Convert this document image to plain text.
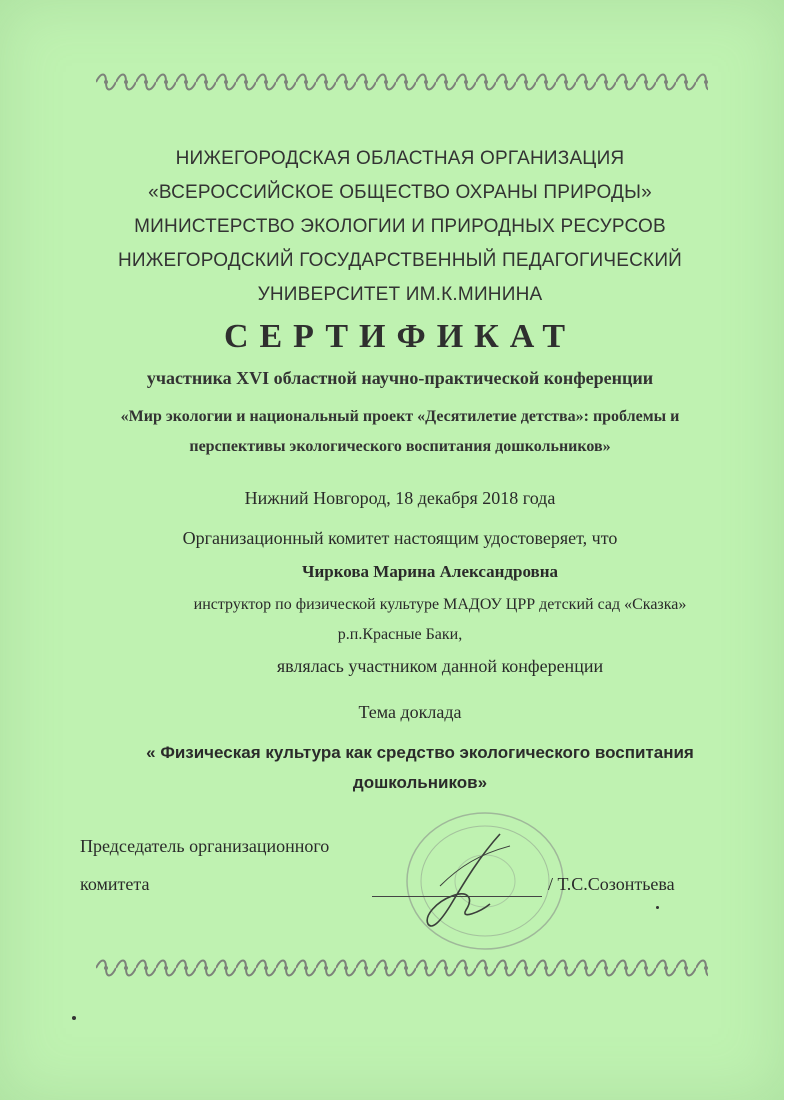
НИЖЕГОРОДСКАЯ ОБЛАСТНАЯ ОРГАНИЗАЦИЯ
«ВСЕРОССИЙСКОЕ ОБЩЕСТВО ОХРАНЫ ПРИРОДЫ»
МИНИСТЕРСТВО ЭКОЛОГИИ И ПРИРОДНЫХ РЕСУРСОВ
НИЖЕГОРОДСКИЙ ГОСУДАРСТВЕННЫЙ ПЕДАГОГИЧЕСКИЙ
УНИВЕРСИТЕТ ИМ.К.МИНИНА
СЕРТИФИКАТ
участника XVI областной научно-практической конференции
«Мир экологии и национальный проект «Десятилетие детства»: проблемы и
перспективы экологического воспитания дошкольников»
Нижний Новгород, 18 декабря 2018 года
Организационный комитет настоящим удостоверяет, что
Чиркова Марина Александровна
инструктор по физической культуре МАДОУ ЦРР детский сад «Сказка»
р.п.Красные Баки,
являлась участником данной конференции
Тема доклада
« Физическая культура как средство экологического воспитания
дошкольников»
Председатель организационного
комитета	/ Т.С.Созонтьева
